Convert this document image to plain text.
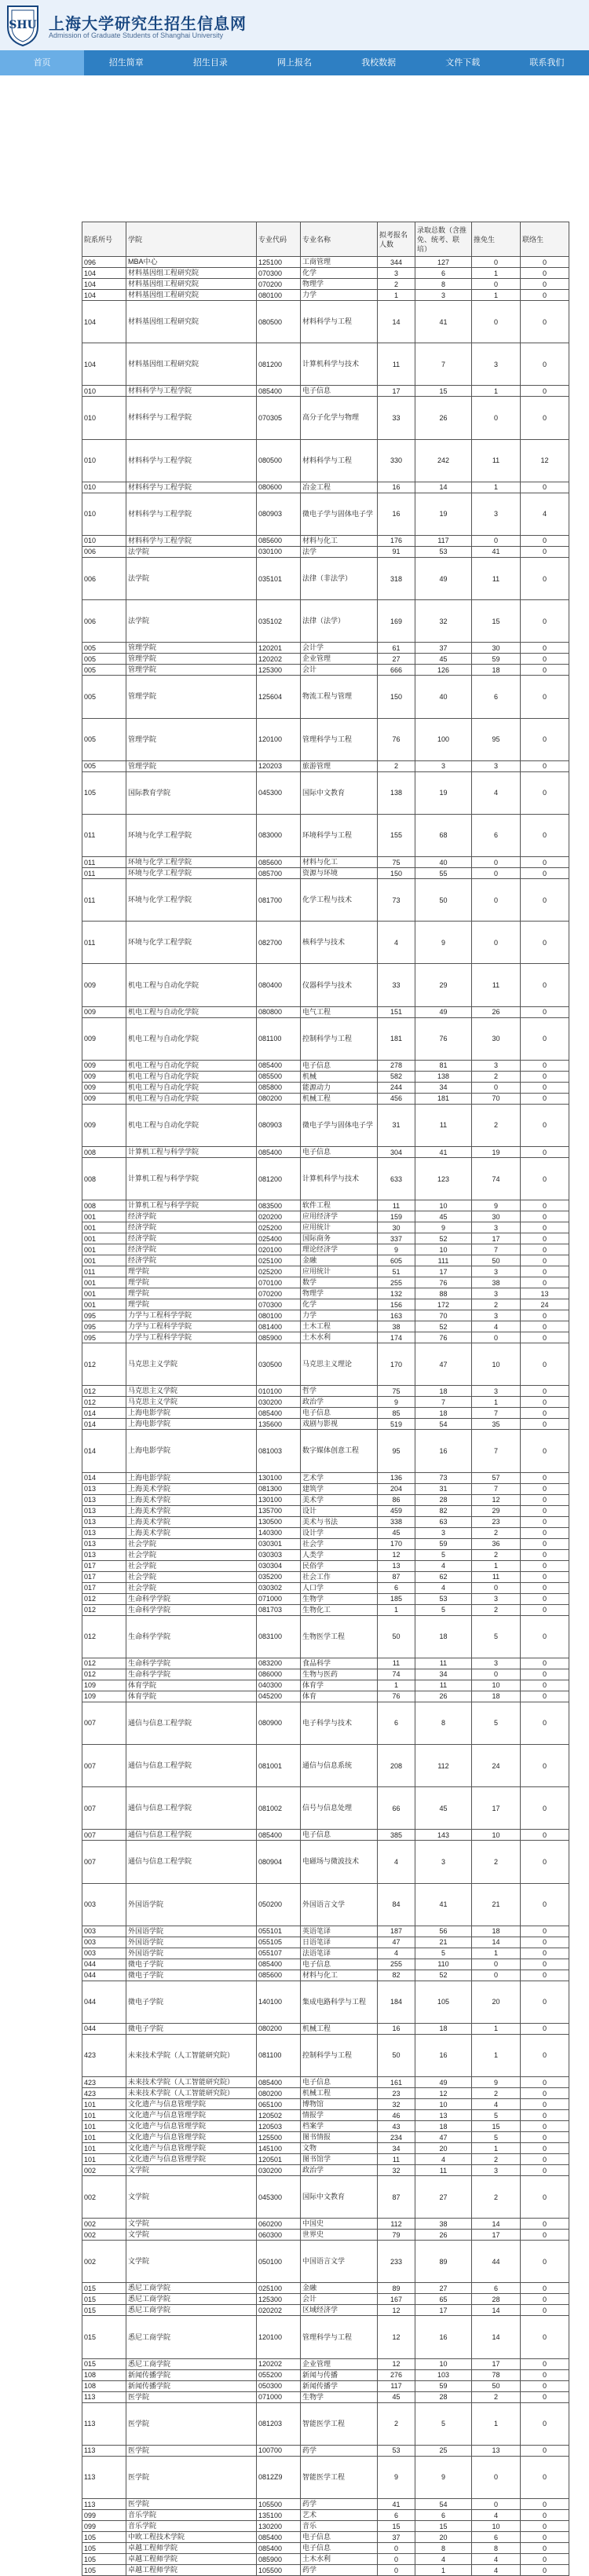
SHU 上海大学研究生招生信息网
Admission of Graduate Students of Shanghai University
首页	招生简章	招生目录	网上报名	我校数据	文件下载	联系我们
院系所号	学院	专业代码	专业名称	拟考报名人数	录取总数（含推免、统考、联培）	推免生	联络生
096	MBA中心	125100	工商管理	344	127	0	0
104	材料基因组工程研究院	070300	化学	3	6	1	0
104	材料基因组工程研究院	070200	物理学	2	8	0	0
104	材料基因组工程研究院	080100	力学	1	3	1	0
104	材料基因组工程研究院	080500	材料科学与工程	14	41	0	0
104	材料基因组工程研究院	081200	计算机科学与技术	11	7	3	0
010	材料科学与工程学院	085400	电子信息	17	15	1	0
010	材料科学与工程学院	070305	高分子化学与物理	33	26	0	0
010	材料科学与工程学院	080500	材料科学与工程	330	242	11	12
010	材料科学与工程学院	080600	冶金工程	16	14	1	0
010	材料科学与工程学院	080903	微电子学与固体电子学	16	19	3	4
010	材料科学与工程学院	085600	材料与化工	176	117	0	0
006	法学院	030100	法学	91	53	41	0
006	法学院	035101	法律（非法学）	318	49	11	0
006	法学院	035102	法律（法学）	169	32	15	0
005	管理学院	120201	会计学	61	37	30	0
005	管理学院	120202	企业管理	27	45	59	0
005	管理学院	125300	会计	666	126	18	0
005	管理学院	125604	物流工程与管理	150	40	6	0
005	管理学院	120100	管理科学与工程	76	100	95	0
005	管理学院	120203	旅游管理	2	3	3	0
105	国际教育学院	045300	国际中文教育	138	19	4	0
011	环境与化学工程学院	083000	环境科学与工程	155	68	6	0
011	环境与化学工程学院	085600	材料与化工	75	40	0	0
011	环境与化学工程学院	085700	资源与环境	150	55	0	0
011	环境与化学工程学院	081700	化学工程与技术	73	50	0	0
011	环境与化学工程学院	082700	核科学与技术	4	9	0	0
009	机电工程与自动化学院	080400	仪器科学与技术	33	29	11	0
009	机电工程与自动化学院	080800	电气工程	151	49	26	0
009	机电工程与自动化学院	081100	控制科学与工程	181	76	30	0
009	机电工程与自动化学院	085400	电子信息	278	81	3	0
009	机电工程与自动化学院	085500	机械	582	138	2	0
009	机电工程与自动化学院	085800	能源动力	244	34	0	0
009	机电工程与自动化学院	080200	机械工程	456	181	70	0
009	机电工程与自动化学院	080903	微电子学与固体电子学	31	11	2	0
008	计算机工程与科学学院	085400	电子信息	304	41	19	0
008	计算机工程与科学学院	081200	计算机科学与技术	633	123	74	0
008	计算机工程与科学学院	083500	软件工程	11	10	9	0
001	经济学院	020200	应用经济学	159	45	30	0
001	经济学院	025200	应用统计	30	9	3	0
001	经济学院	025400	国际商务	337	52	17	0
001	经济学院	020100	理论经济学	9	10	7	0
001	经济学院	025100	金融	605	111	50	0
011	理学院	025200	应用统计	51	17	3	0
001	理学院	070100	数学	255	76	38	0
001	理学院	070200	物理学	132	88	3	13
001	理学院	070300	化学	156	172	2	24
095	力学与工程科学学院	080100	力学	163	70	3	0
095	力学与工程科学学院	081400	土木工程	38	52	4	0
095	力学与工程科学学院	085900	土木水利	174	76	0	0
012	马克思主义学院	030500	马克思主义理论	170	47	10	0
012	马克思主义学院	010100	哲学	75	18	3	0
012	马克思主义学院	030200	政治学	9	7	1	0
014	上海电影学院	085400	电子信息	85	18	7	0
014	上海电影学院	135600	戏剧与影视	519	54	35	0
014	上海电影学院	081003	数字媒体创意工程	95	16	7	0
014	上海电影学院	130100	艺术学	136	73	57	0
013	上海美术学院	081300	建筑学	204	31	7	0
013	上海美术学院	130100	美术学	86	28	12	0
013	上海美术学院	135700	设计	459	82	29	0
013	上海美术学院	130500	美术与书法	338	63	23	0
013	上海美术学院	140300	设计学	45	3	2	0
013	社会学院	030301	社会学	170	59	36	0
013	社会学院	030303	人类学	12	5	2	0
017	社会学院	030304	民俗学	13	4	1	0
017	社会学院	035200	社会工作	87	62	11	0
017	社会学院	030302	人口学	6	4	0	0
012	生命科学学院	071000	生物学	185	53	3	0
012	生命科学学院	081703	生物化工	1	5	2	0
012	生命科学学院	083100	生物医学工程	50	18	5	0
012	生命科学学院	083200	食品科学	11	11	3	0
012	生命科学学院	086000	生物与医药	74	34	0	0
109	体育学院	040300	体育学	1	11	10	0
109	体育学院	045200	体育	76	26	18	0
007	通信与信息工程学院	080900	电子科学与技术	6	8	5	0
007	通信与信息工程学院	081001	通信与信息系统	208	112	24	0
007	通信与信息工程学院	081002	信号与信息处理	66	45	17	0
007	通信与信息工程学院	085400	电子信息	385	143	10	0
007	通信与信息工程学院	080904	电磁场与微波技术	4	3	2	0
003	外国语学院	050200	外国语言文学	84	41	21	0
003	外国语学院	055101	英语笔译	187	56	18	0
003	外国语学院	055105	日语笔译	47	21	14	0
003	外国语学院	055107	法语笔译	4	5	1	0
044	微电子学院	085400	电子信息	255	110	0	0
044	微电子学院	085600	材料与化工	82	52	0	0
044	微电子学院	140100	集成电路科学与工程	184	105	20	0
044	微电子学院	080200	机械工程	16	18	1	0
423	未来技术学院（人工智能研究院）	081100	控制科学与工程	50	16	1	0
423	未来技术学院（人工智能研究院）	085400	电子信息	161	49	9	0
423	未来技术学院（人工智能研究院）	080200	机械工程	23	12	2	0
101	文化遗产与信息管理学院	065100	博物馆	32	10	4	0
101	文化遗产与信息管理学院	120502	情报学	46	13	5	0
101	文化遗产与信息管理学院	120503	档案学	43	18	15	0
101	文化遗产与信息管理学院	125500	图书情报	234	47	5	0
101	文化遗产与信息管理学院	145100	文物	34	20	1	0
101	文化遗产与信息管理学院	120501	图书馆学	11	4	2	0
002	文学院	030200	政治学	32	11	3	0
002	文学院	045300	国际中文教育	87	27	2	0
002	文学院	060200	中国史	112	38	14	0
002	文学院	060300	世界史	79	26	17	0
002	文学院	050100	中国语言文学	233	89	44	0
015	悉尼工商学院	025100	金融	89	27	6	0
015	悉尼工商学院	125300	会计	167	65	28	0
015	悉尼工商学院	020202	区域经济学	12	17	14	0
015	悉尼工商学院	120100	管理科学与工程	12	16	14	0
015	悉尼工商学院	120202	企业管理	12	10	17	0
108	新闻传播学院	055200	新闻与传播	276	103	78	0
108	新闻传播学院	050300	新闻传播学	117	59	50	0
113	医学院	071000	生物学	45	28	2	0
113	医学院	081203	智能医学工程	2	5	1	0
113	医学院	100700	药学	53	25	13	0
113	医学院	0812Z9	智能医学工程	9	9	0	0
113	医学院	105500	药学	41	54	0	0
099	音乐学院	135100	艺术	6	6	4	0
099	音乐学院	130200	音乐	15	15	10	0
105	中欧工程技术学院	085400	电子信息	37	20	6	0
105	卓越工程师学院	085400	电子信息	0	8	8	0
105	卓越工程师学院	085900	土木水利	0	4	4	0
105	卓越工程师学院	105500	药学	0	1	4	0
